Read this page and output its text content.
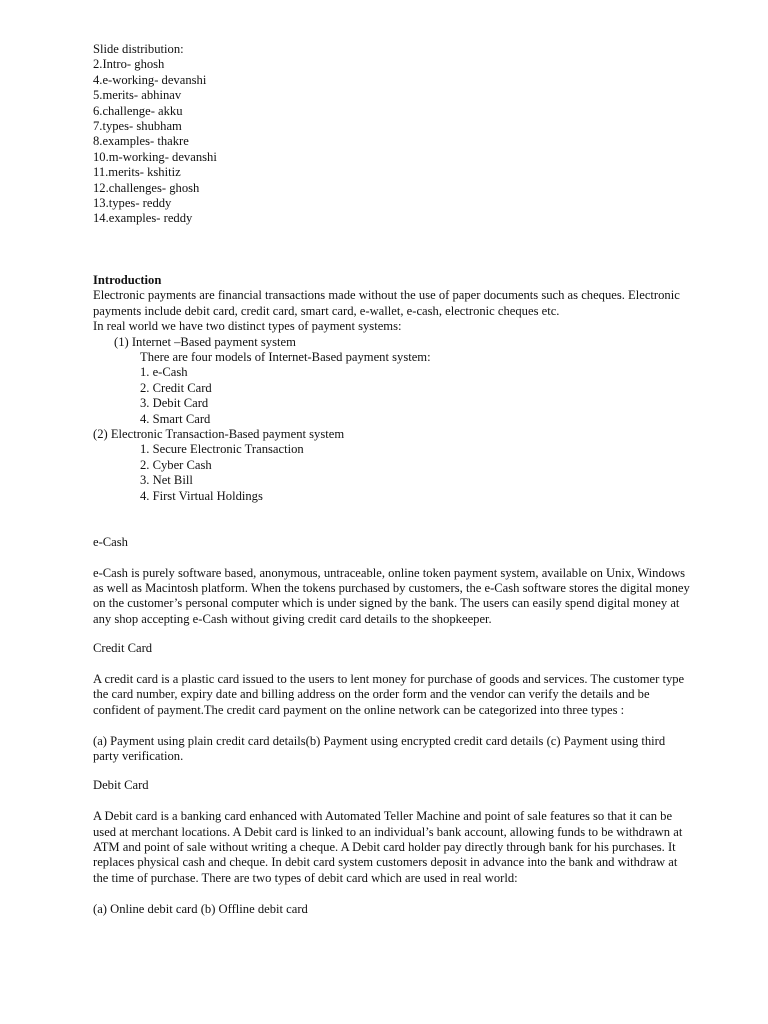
Slide distribution:
2.Intro- ghosh
4.e-working- devanshi
5.merits- abhinav
6.challenge- akku
7.types- shubham
8.examples- thakre
10.m-working- devanshi
11.merits- kshitiz
12.challenges- ghosh
13.types- reddy
14.examples- reddy
Introduction
Electronic payments are financial transactions made without the use of paper documents such as cheques. Electronic payments include debit card, credit card, smart card, e-wallet, e-cash, electronic cheques etc.
In real world we have two distinct types of payment systems:
(1) Internet –Based payment system
There are four models of Internet-Based payment system:
1. e-Cash
2. Credit Card
3. Debit Card
4. Smart Card
(2) Electronic Transaction-Based payment system
1. Secure Electronic Transaction
2. Cyber Cash
3. Net Bill
4. First Virtual Holdings
e-Cash
e-Cash is purely software based, anonymous, untraceable, online token payment system, available on Unix, Windows as well as Macintosh platform. When the tokens purchased by customers, the e-Cash software stores the digital money on the customer’s personal computer which is under signed by the bank. The users can easily spend digital money at any shop accepting e-Cash without giving credit card details to the shopkeeper.
Credit Card
A credit card is a plastic card issued to the users to lent money for purchase of goods and services. The customer type the card number, expiry date and billing address on the order form and the vendor can verify the details and be confident of payment.The credit card payment on the online network can be categorized into three types :
(a) Payment using plain credit card details(b) Payment using encrypted credit card details (c) Payment using third party verification.
Debit Card
A Debit card is a banking card enhanced with Automated Teller Machine and point of sale features so that it can be used at merchant locations. A Debit card is linked to an individual’s bank account, allowing funds to be withdrawn at ATM and point of sale without writing a cheque. A Debit card holder pay directly through bank for his purchases. It replaces physical cash and cheque. In debit card system customers deposit in advance into the bank and withdraw at the time of purchase. There are two types of debit card which are used in real world:
(a) Online debit card (b) Offline debit card
